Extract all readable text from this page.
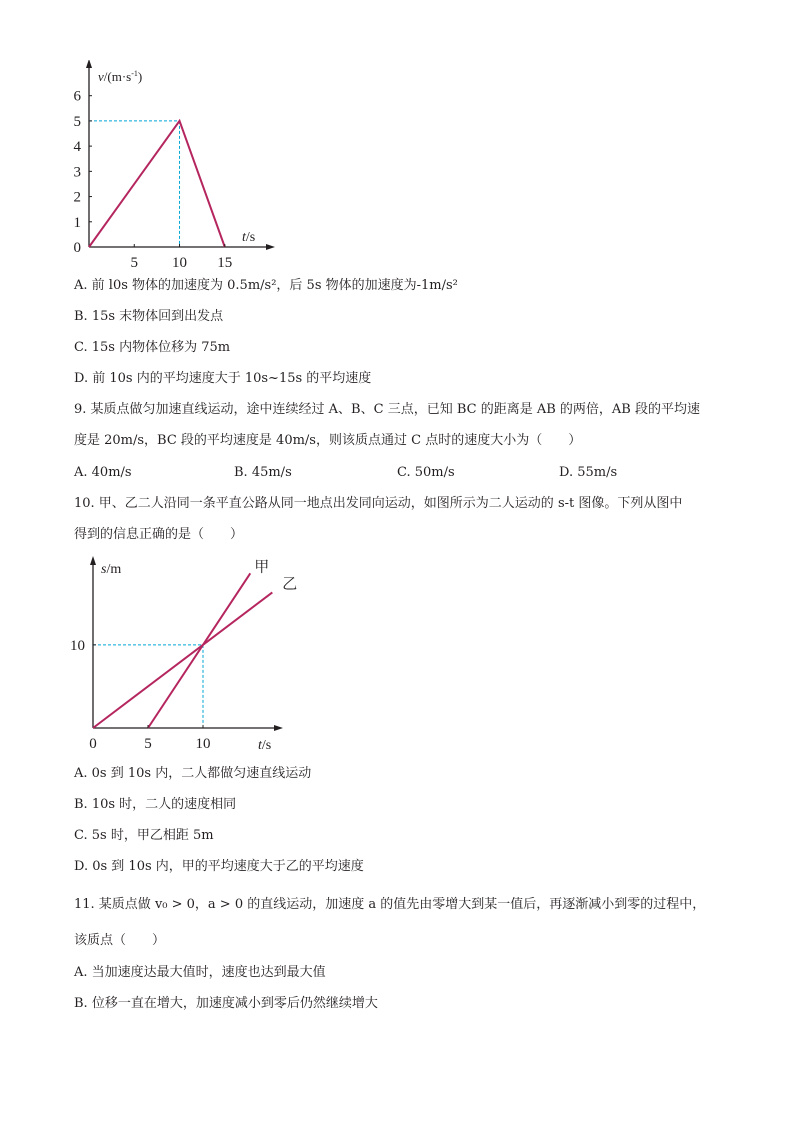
5 10 15
0
1
2
3
4
5
6
$v/(m\cdot s^{-1})$
t/s
A. 前 l0s 物体的加速度为 0.5m/s²，后 5s 物体的加速度为-1m/s²
B. 15s 末物体回到出发点
C. 15s 内物体位移为 75m
D. 前 10s 内的平均速度大于 10s~15s 的平均速度
9. 某质点做匀加速直线运动，途中连续经过 A、B、C 三点，已知 BC 的距离是 AB 的两倍，AB 段的平均速
度是 20m/s，BC 段的平均速度是 40m/s，则该质点通过 C 点时的速度大小为（　　）
A. 40m/s	B. 45m/s	C. 50m/s	D. 55m/s
10. 甲、乙二人沿同一条平直公路从同一地点出发同向运动，如图所示为二人运动的 s-t 图像。下列从图中
得到的信息正确的是（　　）
甲
乙
0	5	10
10
s/m
t/s
A. 0s 到 10s 内，二人都做匀速直线运动
B. 10s 时，二人的速度相同
C. 5s 时，甲乙相距 5m
D. 0s 到 10s 内，甲的平均速度大于乙的平均速度
11. 某质点做 v₀ > 0，a > 0 的直线运动，加速度 a 的值先由零增大到某一值后，再逐渐减小到零的过程中，
该质点（　　）
A. 当加速度达最大值时，速度也达到最大值
B. 位移一直在增大，加速度减小到零后仍然继续增大
